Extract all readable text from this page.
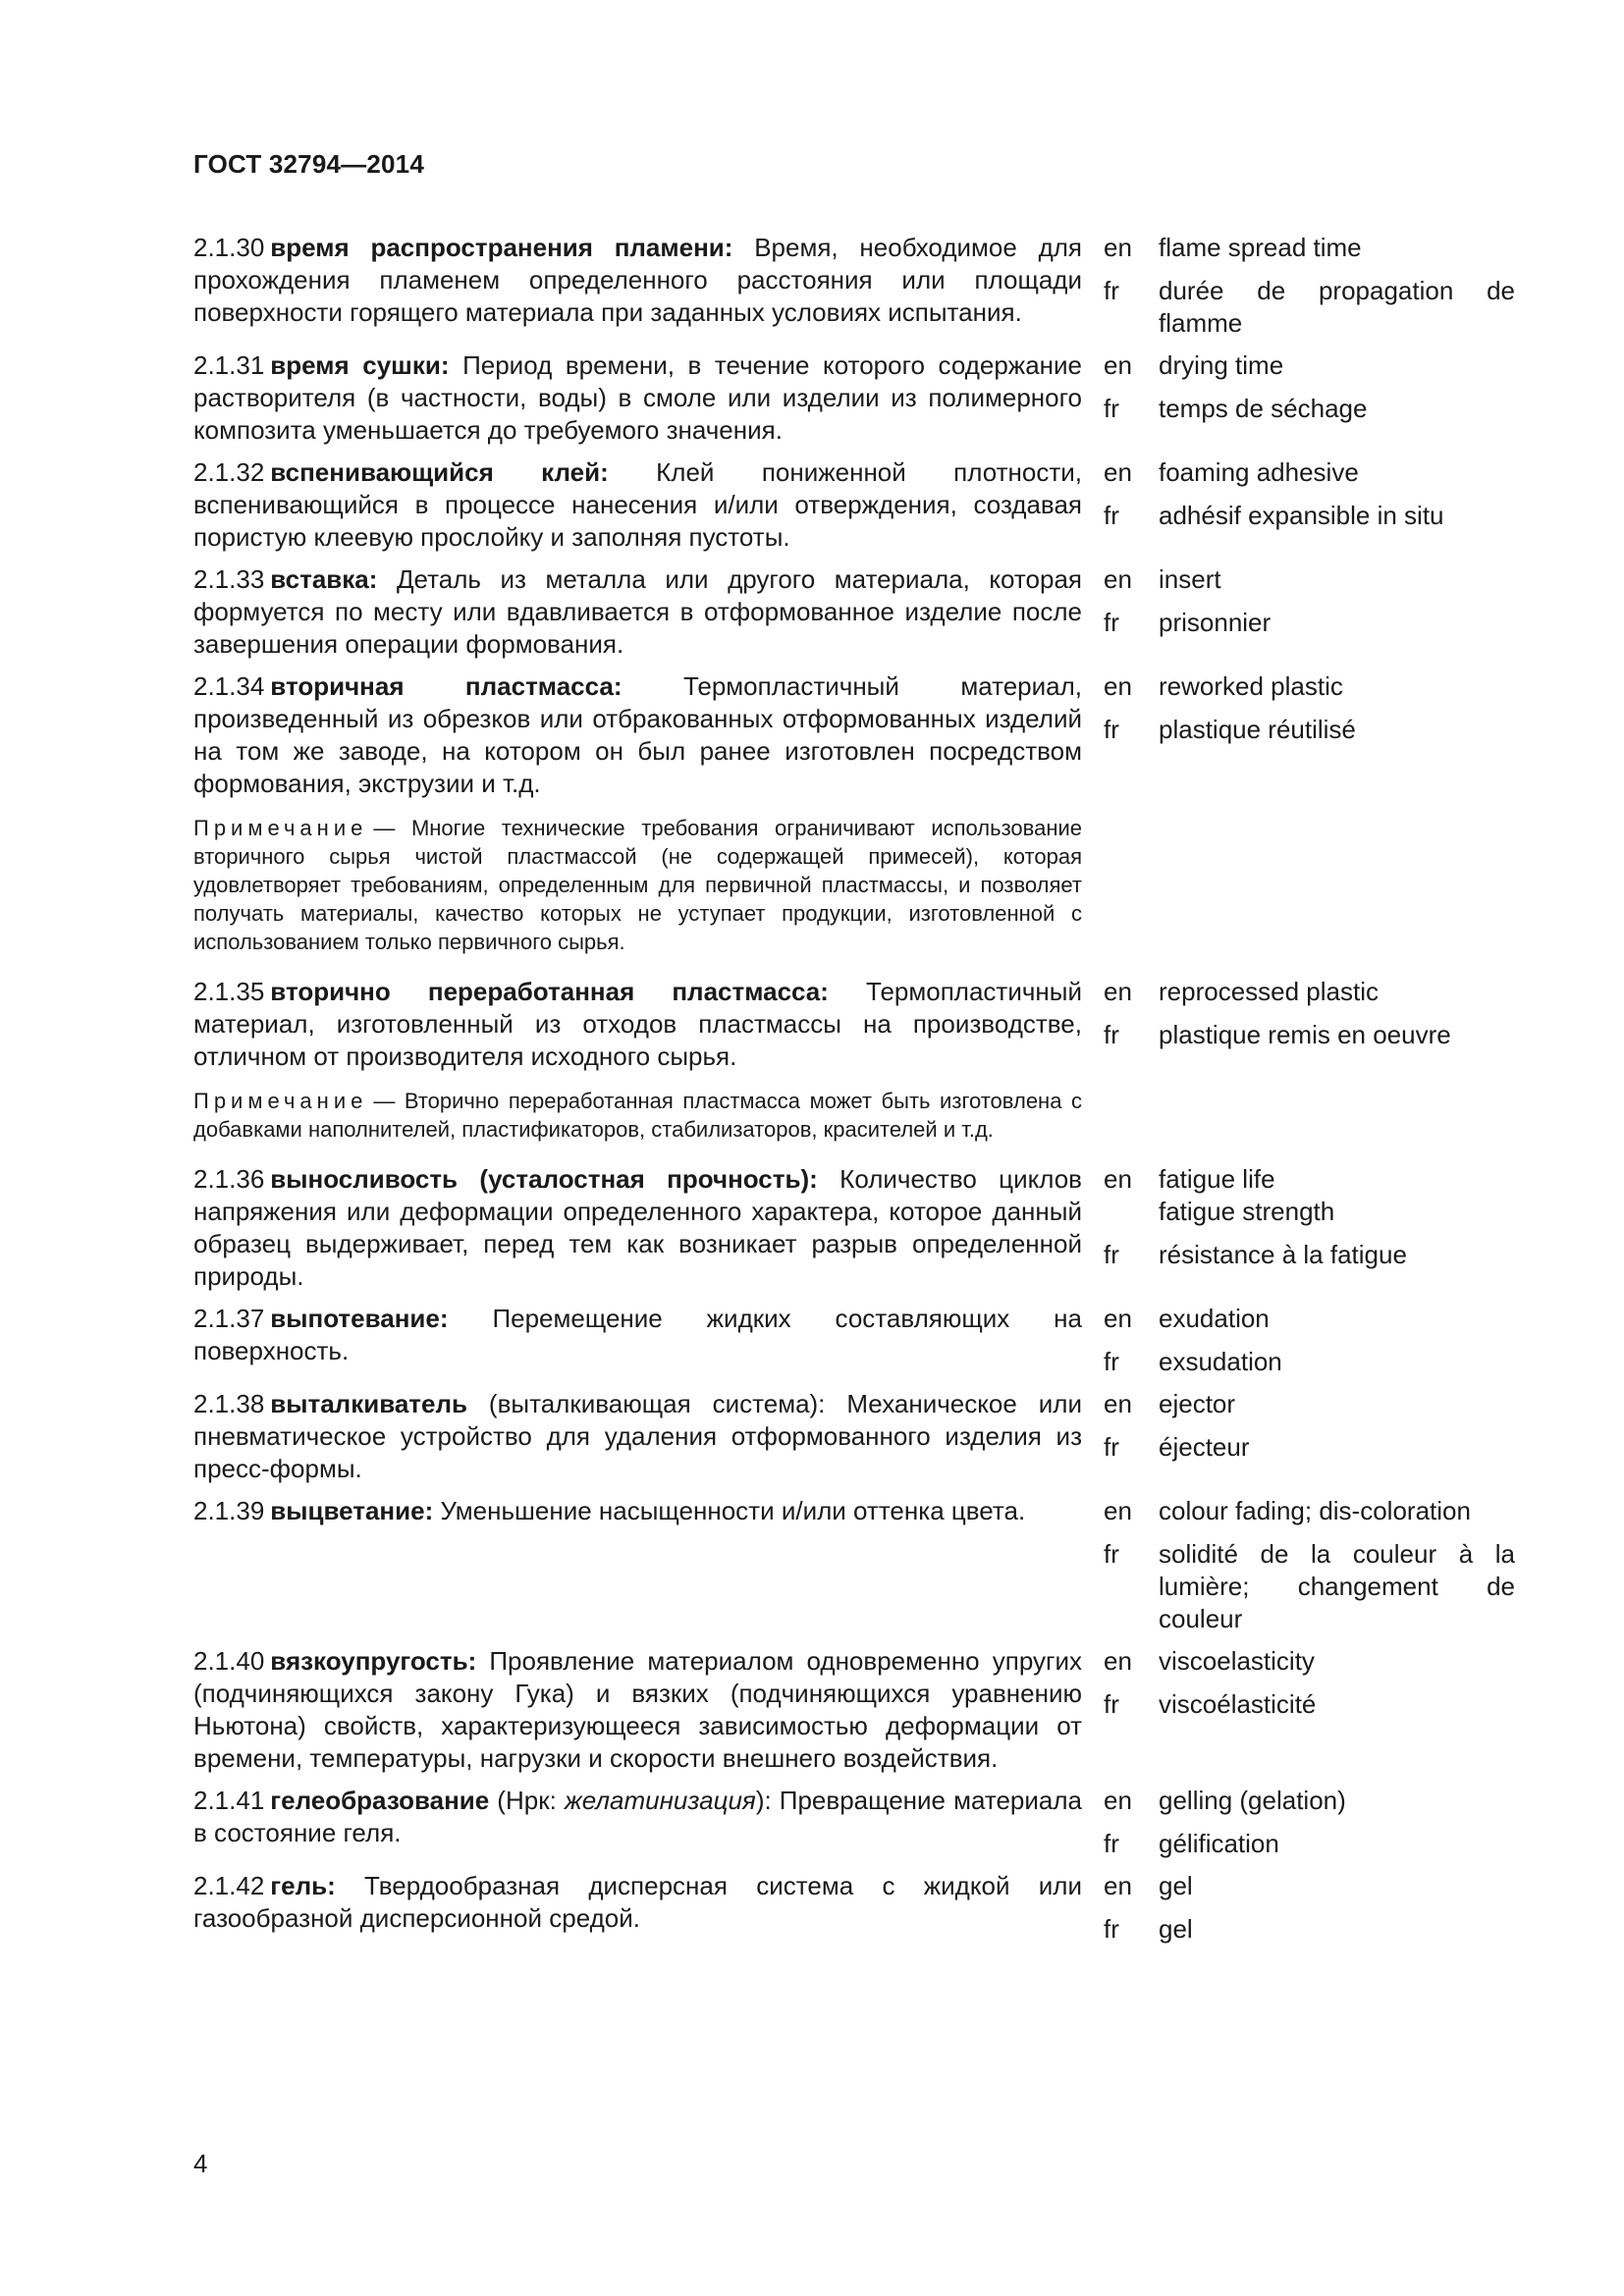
ГОСТ 32794—2014
2.1.30 время распространения пламени: Время, необходимое для прохождения пламенем определенного расстояния или площади поверхности горящего материала при заданных условиях испытания.
en	flame spread time
fr	durée de propagation de flamme
2.1.31 время сушки: Период времени, в течение которого содержание растворителя (в частности, воды) в смоле или изделии из полимерного композита уменьшается до требуемого значения.
en	drying time
fr	temps de séchage
2.1.32 вспенивающийся клей: Клей пониженной плотности, вспенивающийся в процессе нанесения и/или отверждения, создавая пористую клеевую прослойку и заполняя пустоты.
en	foaming adhesive
fr	adhésif expansible in situ
2.1.33 вставка: Деталь из металла или другого материала, которая формуется по месту или вдавливается в отформованное изделие после завершения операции формования.
en	insert
fr	prisonnier
2.1.34 вторичная пластмасса: Термопластичный материал, произведенный из обрезков или отбракованных отформованных изделий на том же заводе, на котором он был ранее изготовлен посредством формования, экструзии и т.д.
en	reworked plastic
fr	plastique réutilisé
Примечание — Многие технические требования ограничивают использование вторичного сырья чистой пластмассой (не содержащей примесей), которая удовлетворяет требованиям, определенным для первичной пластмассы, и позволяет получать материалы, качество которых не уступает продукции, изготовленной с использованием только первичного сырья.
2.1.35 вторично переработанная пластмасса: Термопластичный материал, изготовленный из отходов пластмассы на производстве, отличном от производителя исходного сырья.
en	reprocessed plastic
fr	plastique remis en oeuvre
Примечание — Вторично переработанная пластмасса может быть изготовлена с добавками наполнителей, пластификаторов, стабилизаторов, красителей и т.д.
2.1.36 выносливость (усталостная прочность): Количество циклов напряжения или деформации определенного характера, которое данный образец выдерживает, перед тем как возникает разрыв определенной природы.
en	fatigue life
fatigue strength
fr	résistance à la fatigue
2.1.37 выпотевание: Перемещение жидких составляющих на поверхность.
en	exudation
fr	exsudation
2.1.38 выталкиватель (выталкивающая система): Механическое или пневматическое устройство для удаления отформованного изделия из пресс-формы.
en	ejector
fr	éjecteur
2.1.39 выцветание: Уменьшение насыщенности и/или оттенка цвета.	en	colour fading; dis-coloration
fr	solidité de la couleur à la lumière; changement de couleur
2.1.40 вязкоупругость: Проявление материалом одновременно упругих (подчиняющихся закону Гука) и вязких (подчиняющихся уравнению Ньютона) свойств, характеризующееся зависимостью деформации от времени, температуры, нагрузки и скорости внешнего воздействия.
en	viscoelasticity
fr	viscoélasticité
2.1.41 гелеобразование (Нрк: желатинизация): Превращение материала в состояние геля.
en	gelling (gelation)
fr	gélification
2.1.42 гель: Твердообразная дисперсная система с жидкой или газообразной дисперсионной средой.
en	gel
fr	gel
4
